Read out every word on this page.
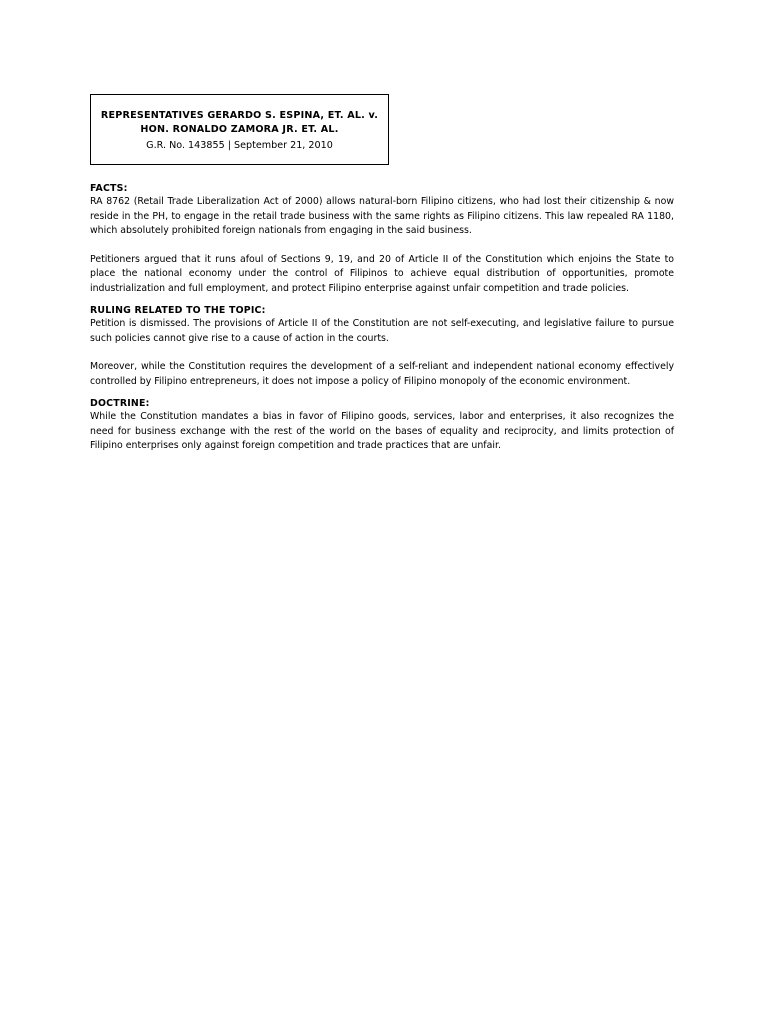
REPRESENTATIVES GERARDO S. ESPINA, ET. AL. v.
HON. RONALDO ZAMORA JR. ET. AL.
G.R. No. 143855 | September 21, 2010
FACTS:

RA 8762 (Retail Trade Liberalization Act of 2000) allows natural-born Filipino citizens, who had lost their citizenship & now reside in the PH, to engage in the retail trade business with the same rights as Filipino citizens. This law repealed RA 1180, which absolutely prohibited foreign nationals from engaging in the said business.

Petitioners argued that it runs afoul of Sections 9, 19, and 20 of Article II of the Constitution which enjoins the State to place the national economy under the control of Filipinos to achieve equal distribution of opportunities, promote industrialization and full employment, and protect Filipino enterprise against unfair competition and trade policies.

RULING RELATED TO THE TOPIC:

Petition is dismissed. The provisions of Article II of the Constitution are not self-executing, and legislative failure to pursue such policies cannot give rise to a cause of action in the courts.

Moreover, while the Constitution requires the development of a self-reliant and independent national economy effectively controlled by Filipino entrepreneurs, it does not impose a policy of Filipino monopoly of the economic environment.

DOCTRINE:

While the Constitution mandates a bias in favor of Filipino goods, services, labor and enterprises, it also recognizes the need for business exchange with the rest of the world on the bases of equality and reciprocity, and limits protection of Filipino enterprises only against foreign competition and trade practices that are unfair.
